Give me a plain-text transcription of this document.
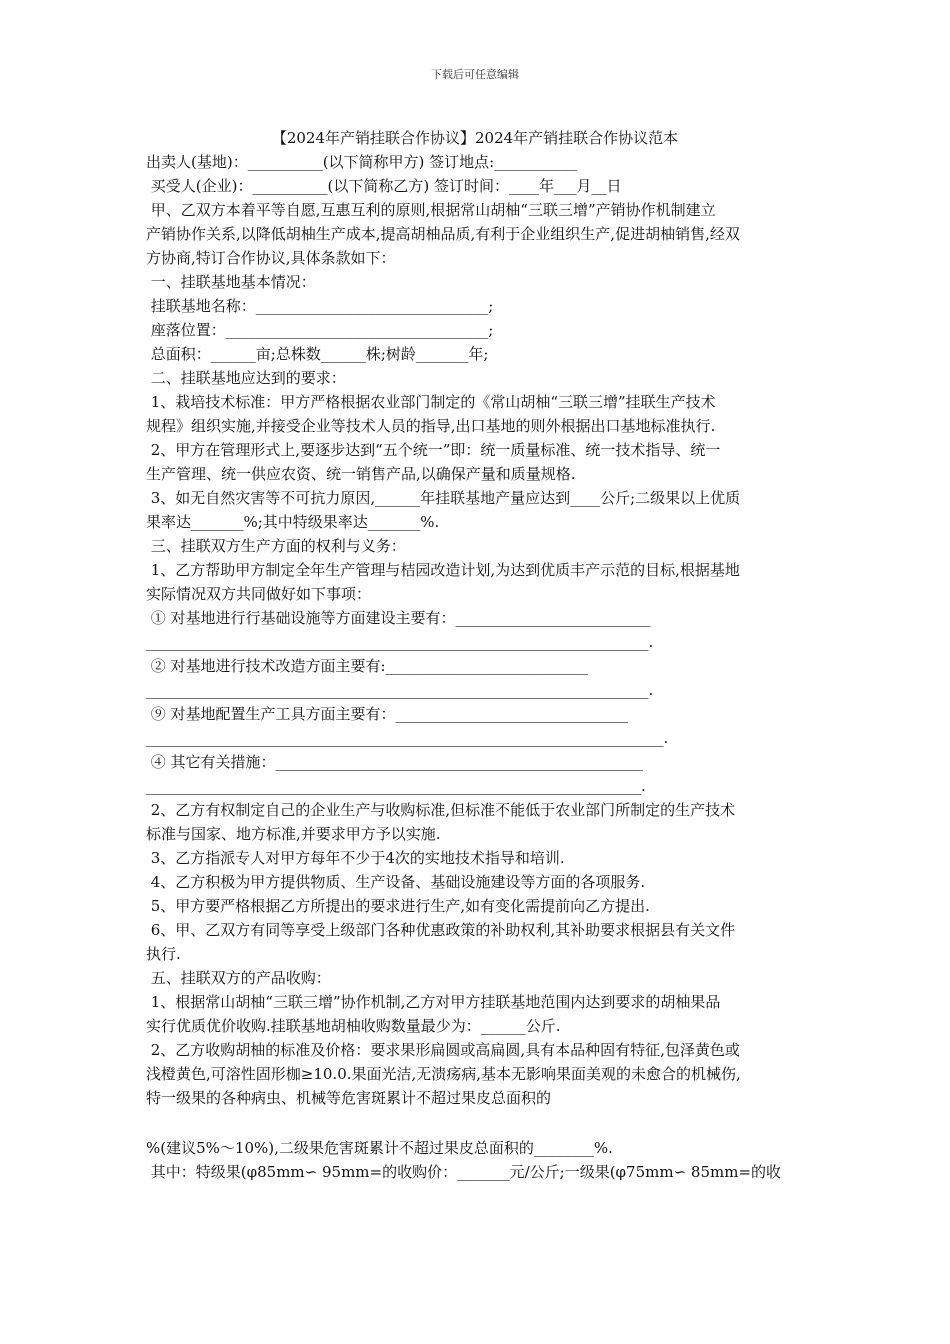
下载后可任意编辑
【2024年产销挂联合作协议】2024年产销挂联合作协议范本
出卖人(基地)：__________(以下简称甲方) 签订地点:___________
买受人(企业)：__________(以下简称乙方) 签订时间：____年___月__日
甲、乙双方本着平等自愿,互惠互利的原则,根据常山胡柚“三联三增”产销协作机制建立
产销协作关系,以降低胡柚生产成本,提高胡柚品质,有利于企业组织生产,促进胡柚销售,经双
方协商,特订合作协议,具体条款如下：
一、挂联基地基本情况：
挂联基地名称：_______________________________;
座落位置：___________________________________;
总面积：______亩;总株数______株;树龄_______年;
二、挂联基地应达到的要求：
1、栽培技术标准：甲方严格根据农业部门制定的《常山胡柚“三联三增”挂联生产技术
规程》组织实施,并接受企业等技术人员的指导,出口基地的则外根据出口基地标准执行.
2、甲方在管理形式上,要逐步达到“五个统一”即：统一质量标准、统一技术指导、统一
生产管理、统一供应农资、统一销售产品,以确保产量和质量规格.
3、如无自然灾害等不可抗力原因,______年挂联基地产量应达到____公斤;二级果以上优质
果率达_______%;其中特级果率达_______%.
三、挂联双方生产方面的权利与义务：
1、乙方帮助甲方制定全年生产管理与桔园改造计划,为达到优质丰产示范的目标,根据基地
实际情况双方共同做好如下事项：
① 对基地进行行基础设施等方面建设主要有：__________________________
___________________________________________________________________.
② 对基地进行技术改造方面主要有:___________________________
___________________________________________________________________.
⑨ 对基地配置生产工具方面主要有：_______________________________
_____________________________________________________________________.
④ 其它有关措施：_________________________________________________
__________________________________________________________________.
2、乙方有权制定自己的企业生产与收购标准,但标准不能低于农业部门所制定的生产技术
标准与国家、地方标准,并要求甲方予以实施.
3、乙方指派专人对甲方每年不少于4次的实地技术指导和培训.
4、乙方积极为甲方提供物质、生产设备、基础设施建设等方面的各项服务.
5、甲方要严格根据乙方所提出的要求进行生产,如有变化需提前向乙方提出.
6、甲、乙双方有同等享受上级部门各种优惠政策的补助权利,其补助要求根据县有关文件
执行.
五、挂联双方的产品收购：
1、根据常山胡柚“三联三增”协作机制,乙方对甲方挂联基地范围内达到要求的胡柚果品
实行优质优价收购.挂联基地胡柚收购数量最少为：______公斤.
2、乙方收购胡柚的标准及价格：要求果形扁圆或高扁圆,具有本品种固有特征,包泽黄色或
浅橙黄色,可溶性固形枷≥10.0.果面光洁,无溃疡病,基本无影响果面美观的未愈合的机械伤,
特一级果的各种病虫、机械等危害斑累计不超过果皮总面积的
%(建议5%～10%),二级果危害斑累计不超过果皮总面积的________%.
其中：特级果(φ85mm∽ 95mm=的收购价：_______元/公斤;一级果(φ75mm∽ 85mm=的收
